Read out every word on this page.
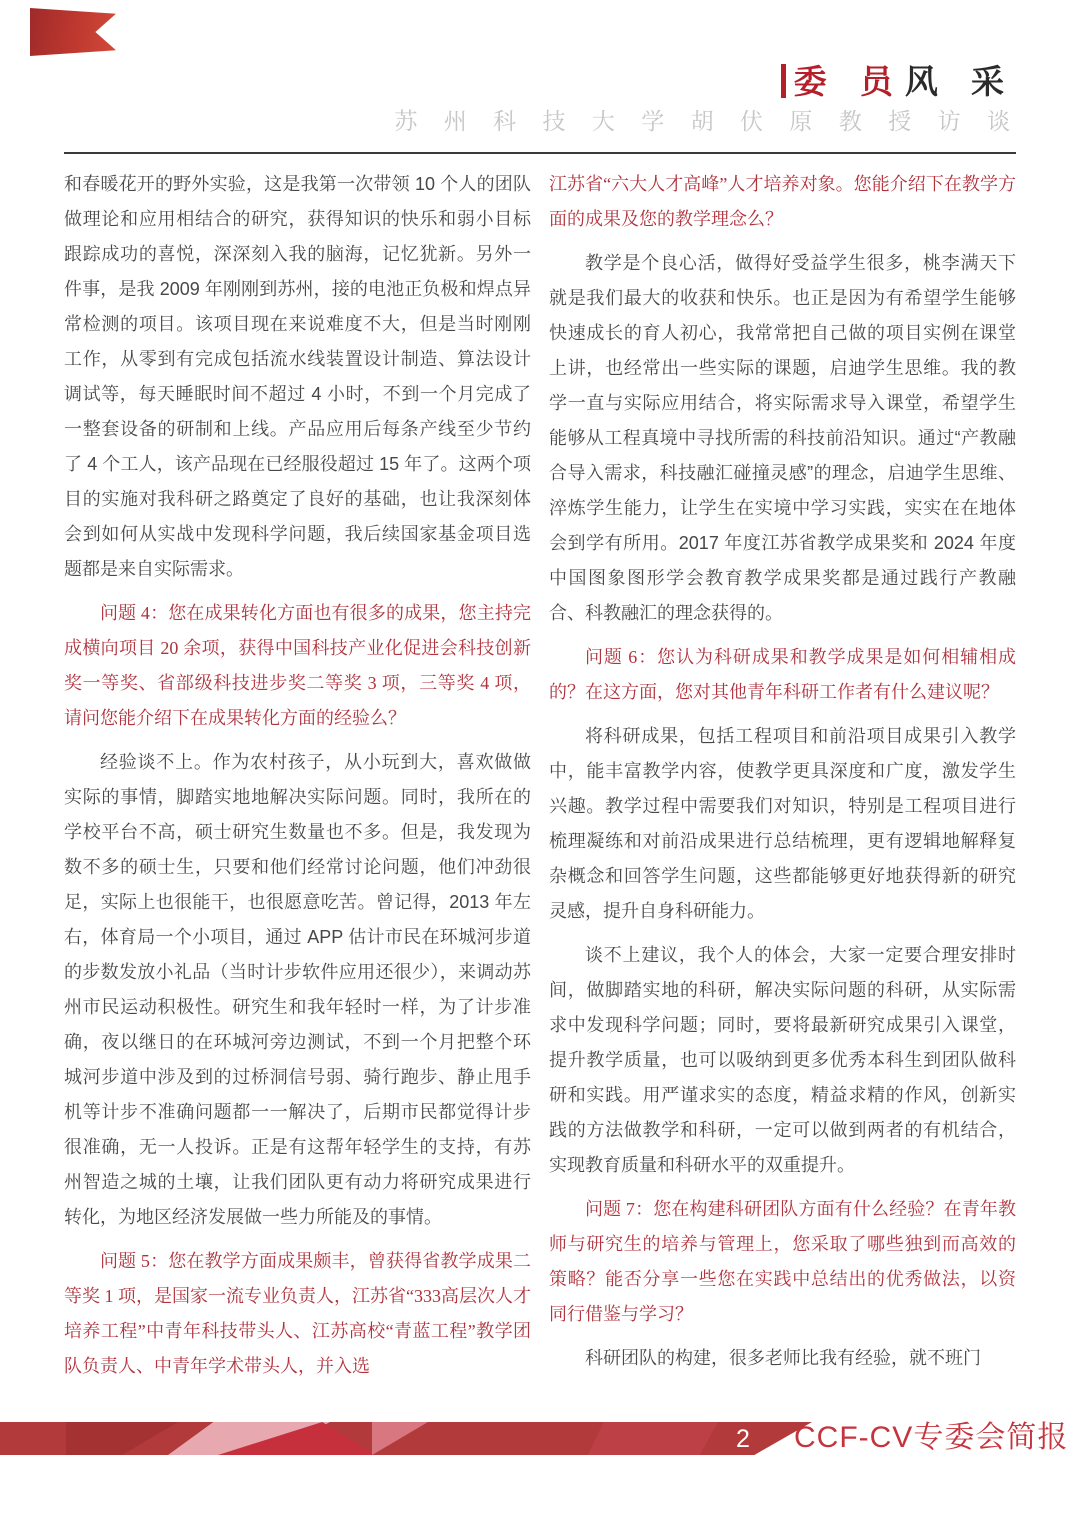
委 员风 采
苏 州 科 技 大 学 胡 伏 原 教 授 访 谈

和春暖花开的野外实验，这是我第一次带领 10 个人的团队做理论和应用相结合的研究，获得知识的快乐和弱小目标跟踪成功的喜悦，深深刻入我的脑海，记忆犹新。另外一件事，是我 2009 年刚刚到苏州，接的电池正负极和焊点异常检测的项目。该项目现在来说难度不大，但是当时刚刚工作，从零到有完成包括流水线装置设计制造、算法设计调试等，每天睡眠时间不超过 4 小时，不到一个月完成了一整套设备的研制和上线。产品应用后每条产线至少节约了 4 个工人，该产品现在已经服役超过 15 年了。这两个项目的实施对我科研之路奠定了良好的基础，也让我深刻体会到如何从实战中发现科学问题，我后续国家基金项目选题都是来自实际需求。

问题 4：您在成果转化方面也有很多的成果，您主持完成横向项目 20 余项，获得中国科技产业化促进会科技创新奖一等奖、省部级科技进步奖二等奖 3 项，三等奖 4 项，请问您能介绍下在成果转化方面的经验么？

经验谈不上。作为农村孩子，从小玩到大，喜欢做做实际的事情，脚踏实地地解决实际问题。同时，我所在的学校平台不高，硕士研究生数量也不多。但是，我发现为数不多的硕士生，只要和他们经常讨论问题，他们冲劲很足，实际上也很能干，也很愿意吃苦。曾记得，2013 年左右，体育局一个小项目，通过 APP 估计市民在环城河步道的步数发放小礼品（当时计步软件应用还很少），来调动苏州市民运动积极性。研究生和我年轻时一样，为了计步准确，夜以继日的在环城河旁边测试，不到一个月把整个环城河步道中涉及到的过桥洞信号弱、骑行跑步、静止甩手机等计步不准确问题都一一解决了，后期市民都觉得计步很准确，无一人投诉。正是有这帮年轻学生的支持，有苏州智造之城的土壤，让我们团队更有动力将研究成果进行转化，为地区经济发展做一些力所能及的事情。

问题 5：您在教学方面成果颇丰，曾获得省教学成果二等奖 1 项，是国家一流专业负责人，江苏省“333高层次人才培养工程”中青年科技带头人、江苏高校“青蓝工程”教学团队负责人、中青年学术带头人，并入选

江苏省“六大人才高峰”人才培养对象。您能介绍下在教学方面的成果及您的教学理念么？

教学是个良心活，做得好受益学生很多，桃李满天下就是我们最大的收获和快乐。也正是因为有希望学生能够快速成长的育人初心，我常常把自己做的项目实例在课堂上讲，也经常出一些实际的课题，启迪学生思维。我的教学一直与实际应用结合，将实际需求导入课堂，希望学生能够从工程真境中寻找所需的科技前沿知识。通过“产教融合导入需求，科技融汇碰撞灵感”的理念，启迪学生思维、淬炼学生能力，让学生在实境中学习实践，实实在在地体会到学有所用。2017 年度江苏省教学成果奖和 2024 年度中国图象图形学会教育教学成果奖都是通过践行产教融合、科教融汇的理念获得的。

问题 6：您认为科研成果和教学成果是如何相辅相成的？在这方面，您对其他青年科研工作者有什么建议呢？

将科研成果，包括工程项目和前沿项目成果引入教学中，能丰富教学内容，使教学更具深度和广度，激发学生兴趣。教学过程中需要我们对知识，特别是工程项目进行梳理凝练和对前沿成果进行总结梳理，更有逻辑地解释复杂概念和回答学生问题，这些都能够更好地获得新的研究灵感，提升自身科研能力。

谈不上建议，我个人的体会，大家一定要合理安排时间，做脚踏实地的科研，解决实际问题的科研，从实际需求中发现科学问题；同时，要将最新研究成果引入课堂，提升教学质量，也可以吸纳到更多优秀本科生到团队做科研和实践。用严谨求实的态度，精益求精的作风，创新实践的方法做教学和科研，一定可以做到两者的有机结合，实现教育质量和科研水平的双重提升。

问题 7：您在构建科研团队方面有什么经验？在青年教师与研究生的培养与管理上，您采取了哪些独到而高效的策略？能否分享一些您在实践中总结出的优秀做法，以资同行借鉴与学习？

科研团队的构建，很多老师比我有经验，就不班门

2 CCF-CV专委会简报
